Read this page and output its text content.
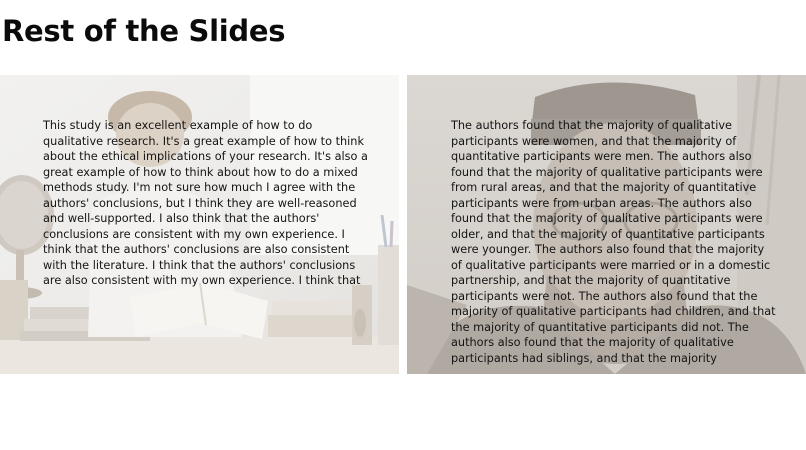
Rest of the Slides

This study is an excellent example of how to do
qualitative research. It's a great example of how to think
about the ethical implications of your research. It's also a
great example of how to think about how to do a mixed
methods study. I'm not sure how much I agree with the
authors' conclusions, but I think they are well-reasoned
and well-supported. I also think that the authors'
conclusions are consistent with my own experience. I
think that the authors' conclusions are also consistent
with the literature. I think that the authors' conclusions
are also consistent with my own experience. I think that

The authors found that the majority of qualitative
participants were women, and that the majority of
quantitative participants were men. The authors also
found that the majority of qualitative participants were
from rural areas, and that the majority of quantitative
participants were from urban areas. The authors also
found that the majority of qualitative participants were
older, and that the majority of quantitative participants
were younger. The authors also found that the majority
of qualitative participants were married or in a domestic
partnership, and that the majority of quantitative
participants were not. The authors also found that the
majority of qualitative participants had children, and that
the majority of quantitative participants did not. The
authors also found that the majority of qualitative
participants had siblings, and that the majority
